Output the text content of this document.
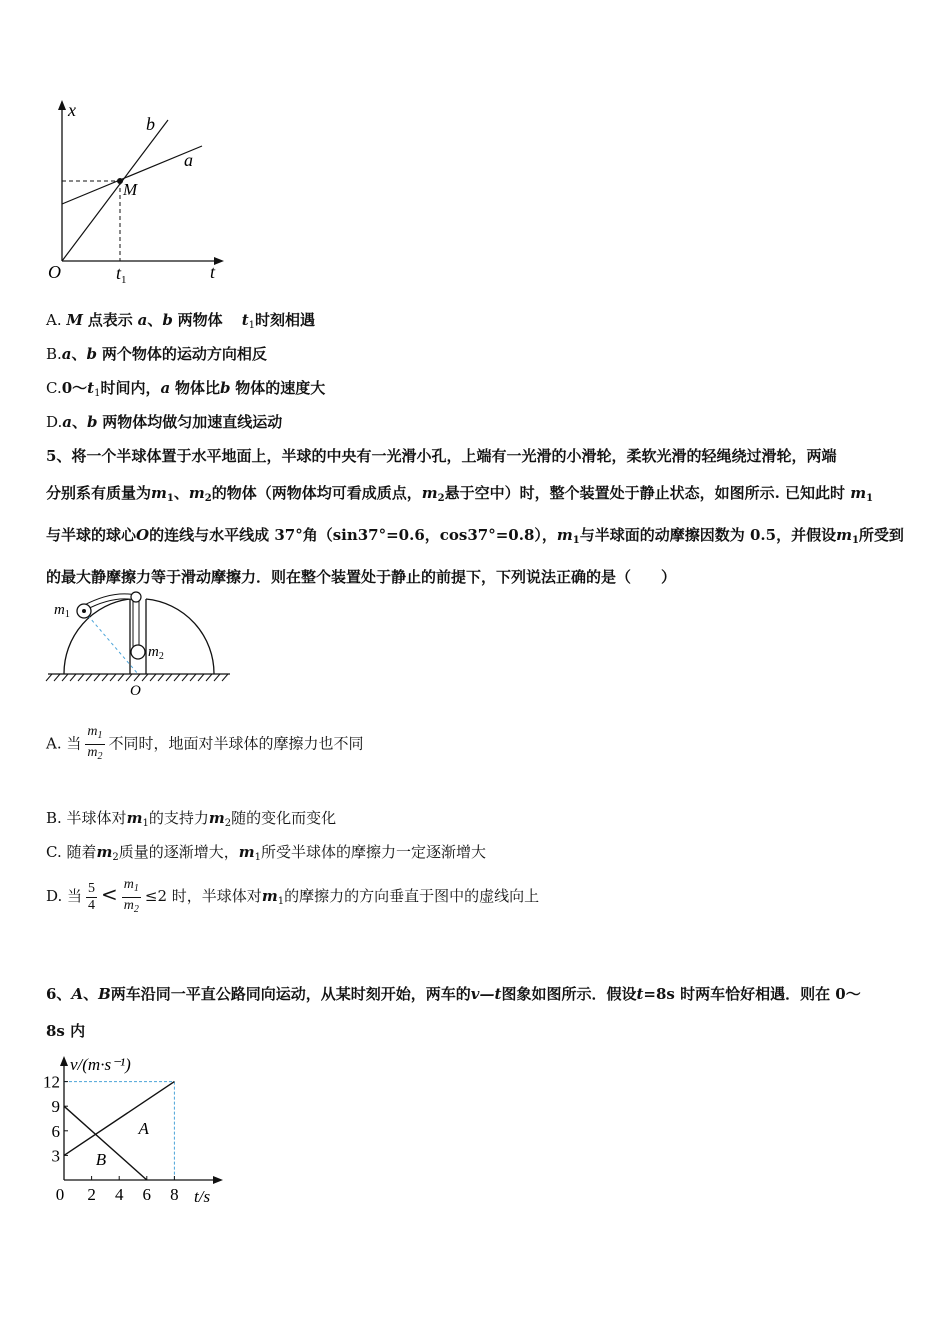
x
b
a
M
O	$t_1$	t
A. M 点表示 a、b 两物体 $t_1$时刻相遇
B.a、b 两个物体的运动方向相反
$C.0\sim t_1$时间内，a 物体比b 物体的速度大
D.a、b 两物体均做匀加速直线运动
5、将一个半球体置于水平地面上，半球的中央有一光滑小孔，上端有一光滑的小滑轮，柔软光滑的轻绳绕过滑轮，两端
分别系有质量为$m_1$、$m_2$的物体（两物体均可看成质点，$m_2$悬于空中）时，整个装置处于静止状态，如图所示. 已知此时 $m_1$
与半球的球心O的连线与水平线成 37°角（sin37°=0.6，cos37°=0.8），$m_1$与半球面的动摩擦因数为 0.5，并假设$m_1$所受到
的最大静摩擦力等于滑动摩擦力．则在整个装置处于静止的前提下，下列说法正确的是（　　）
$m_1$
$m_2$
O
A. 当 $\frac{m_1}{m_2}$ 不同时，地面对半球体的摩擦力也不同
B. 半球体对$m_1$的支持力$m_2$随的变化而变化
C. 随着$m_2$质量的逐渐增大，$m_1$所受半球体的摩擦力一定逐渐增大
D. 当 $\frac{5}{4} < \frac{m_1}{m_2} \le 2$ 时，半球体对$m_1$的摩擦力的方向垂直于图中的虚线向上
6、A、B两车沿同一平直公路同向运动，从某时刻开始，两车的v—t图象如图所示．假设t=8s 时两车恰好相遇．则在 0～
8s 内
v/(m·s⁻¹)
t/s
A
B
3
6
9
12
0 2 4 6 8
